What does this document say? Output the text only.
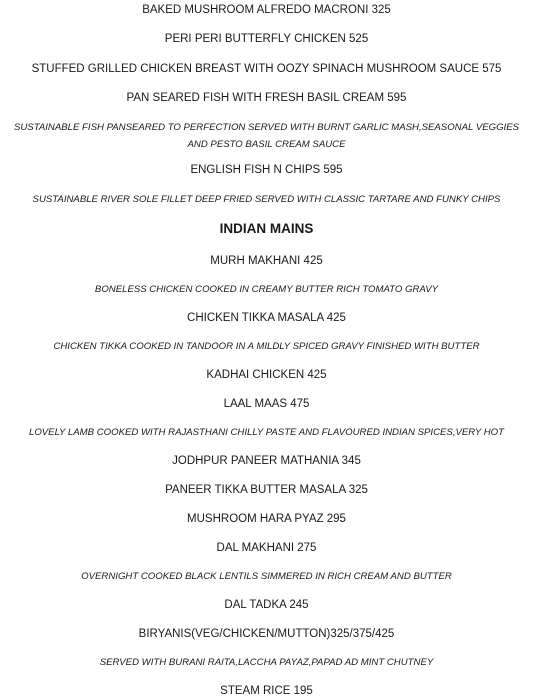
BAKED MUSHROOM ALFREDO MACRONI 325
PERI PERI BUTTERFLY CHICKEN 525
STUFFED GRILLED CHICKEN BREAST WITH OOZY SPINACH MUSHROOM SAUCE 575
PAN SEARED FISH WITH FRESH BASIL CREAM 595
SUSTAINABLE FISH PANSEARED TO PERFECTION SERVED WITH BURNT GARLIC MASH,SEASONAL VEGGIES AND PESTO BASIL CREAM SAUCE
ENGLISH FISH N CHIPS 595
SUSTAINABLE RIVER SOLE FILLET DEEP FRIED SERVED WITH CLASSIC TARTARE AND FUNKY CHIPS
INDIAN MAINS
MURH MAKHANI 425
BONELESS CHICKEN COOKED IN CREAMY BUTTER RICH TOMATO GRAVY
CHICKEN TIKKA MASALA 425
CHICKEN TIKKA COOKED IN TANDOOR IN A MILDLY SPICED GRAVY FINISHED WITH BUTTER
KADHAI CHICKEN 425
LAAL MAAS 475
LOVELY LAMB COOKED WITH RAJASTHANI CHILLY PASTE AND FLAVOURED INDIAN SPICES,VERY HOT
JODHPUR PANEER MATHANIA 345
PANEER TIKKA BUTTER MASALA 325
MUSHROOM HARA PYAZ 295
DAL MAKHANI 275
OVERNIGHT COOKED BLACK LENTILS SIMMERED IN RICH CREAM AND BUTTER
DAL TADKA 245
BIRYANIS(VEG/CHICKEN/MUTTON)325/375/425
SERVED WITH BURANI RAITA,LACCHA PAYAZ,PAPAD AD MINT CHUTNEY
STEAM RICE 195
